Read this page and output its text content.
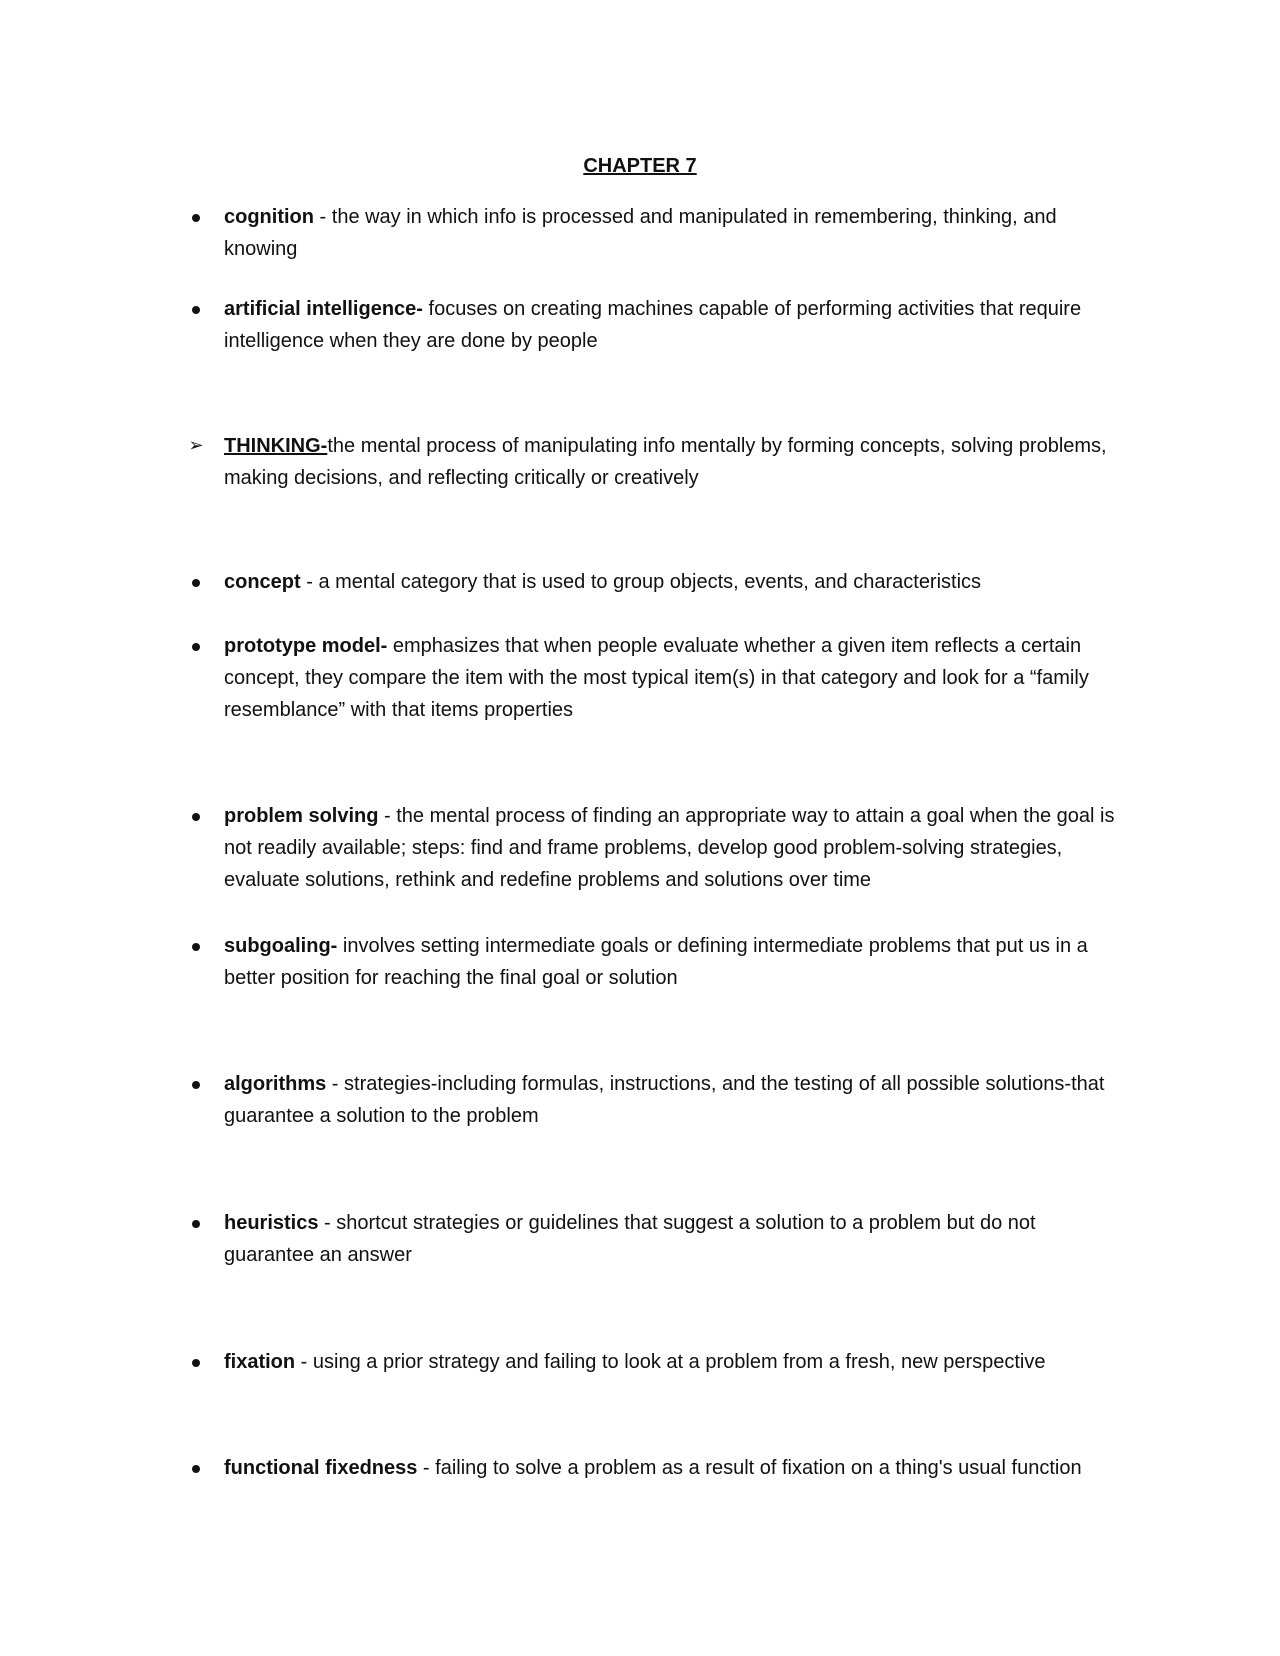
CHAPTER 7
cognition - the way in which info is processed and manipulated in remembering, thinking, and knowing
artificial intelligence- focuses on creating machines capable of performing activities that require intelligence when they are done by people
➢ THINKING-the mental process of manipulating info mentally by forming concepts, solving problems, making decisions, and reflecting critically or creatively
concept - a mental category that is used to group objects, events, and characteristics
prototype model- emphasizes that when people evaluate whether a given item reflects a certain concept, they compare the item with the most typical item(s) in that category and look for a “family resemblance” with that items properties
problem solving - the mental process of finding an appropriate way to attain a goal when the goal is not readily available; steps: find and frame problems, develop good problem-solving strategies, evaluate solutions, rethink and redefine problems and solutions over time
subgoaling- involves setting intermediate goals or defining intermediate problems that put us in a better position for reaching the final goal or solution
algorithms - strategies-including formulas, instructions, and the testing of all possible solutions-that guarantee a solution to the problem
heuristics - shortcut strategies or guidelines that suggest a solution to a problem but do not guarantee an answer
fixation - using a prior strategy and failing to look at a problem from a fresh, new perspective
functional fixedness - failing to solve a problem as a result of fixation on a thing's usual function
